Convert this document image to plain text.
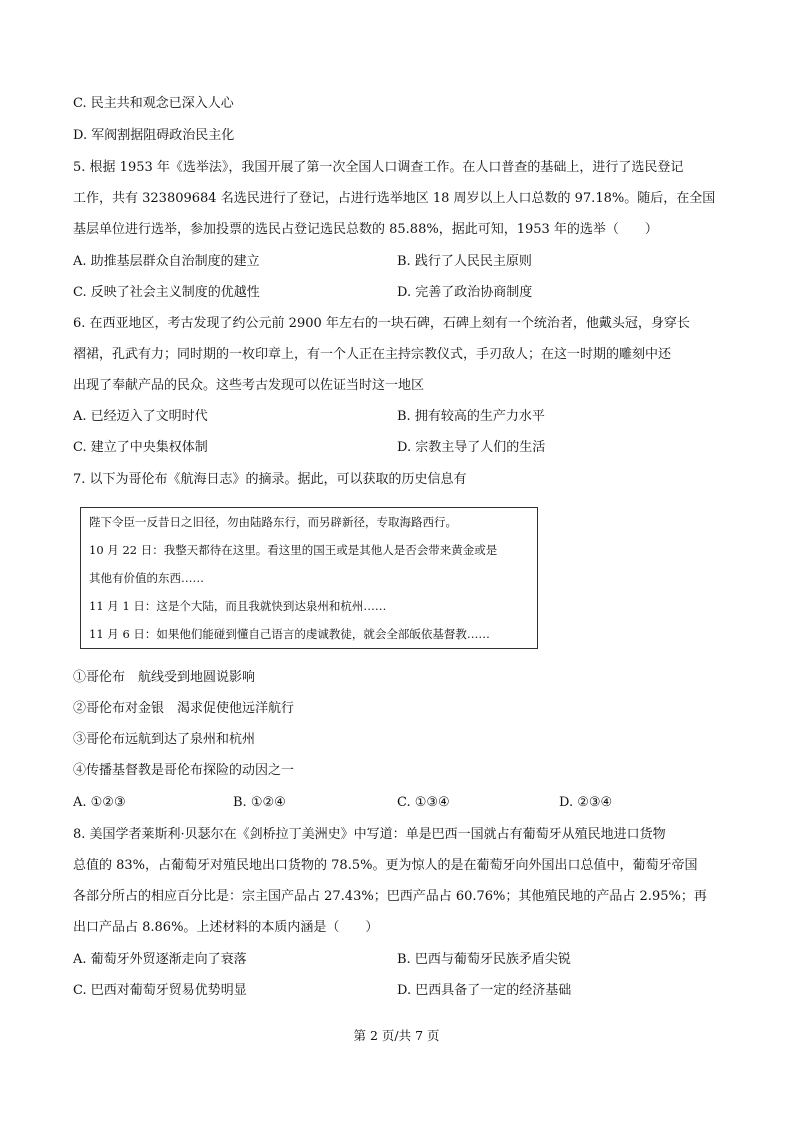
C. 民主共和观念已深入人心
D. 军阀割据阻碍政治民主化
5. 根据 1953 年《选举法》，我国开展了第一次全国人口调查工作。在人口普查的基础上，进行了选民登记
工作，共有 323809684 名选民进行了登记，占进行选举地区 18 周岁以上人口总数的 97.18%。随后，在全国
基层单位进行选举，参加投票的选民占登记选民总数的 85.88%，据此可知，1953 年的选举（　　）
A. 助推基层群众自治制度的建立	B. 践行了人民民主原则
C. 反映了社会主义制度的优越性	D. 完善了政治协商制度
6. 在西亚地区，考古发现了约公元前 2900 年左右的一块石碑，石碑上刻有一个统治者，他戴头冠，身穿长
褶裙，孔武有力；同时期的一枚印章上，有一个人正在主持宗教仪式，手刃敌人；在这一时期的雕刻中还
出现了奉献产品的民众。这些考古发现可以佐证当时这一地区
A. 已经迈入了文明时代	B. 拥有较高的生产力水平
C. 建立了中央集权体制	D. 宗教主导了人们的生活
7. 以下为哥伦布《航海日志》的摘录。据此，可以获取的历史信息有
陛下令臣一反昔日之旧径，勿由陆路东行，而另辟新径，专取海路西行。
10 月 22 日：我整天都待在这里。看这里的国王或是其他人是否会带来黄金或是
其他有价值的东西……
11 月 1 日：这是个大陆，而且我就快到达泉州和杭州……
11 月 6 日：如果他们能碰到懂自己语言的虔诚教徒，就会全部皈依基督教……
①哥伦布　航线受到地圆说影响
②哥伦布对金银　渴求促使他远洋航行
③哥伦布远航到达了泉州和杭州
④传播基督教是哥伦布探险的动因之一
A. ①②③	B. ①②④	C. ①③④	D. ②③④
8. 美国学者莱斯利·贝瑟尔在《剑桥拉丁美洲史》中写道：单是巴西一国就占有葡萄牙从殖民地进口货物
总值的 83%，占葡萄牙对殖民地出口货物的 78.5%。更为惊人的是在葡萄牙向外国出口总值中，葡萄牙帝国
各部分所占的相应百分比是：宗主国产品占 27.43%；巴西产品占 60.76%；其他殖民地的产品占 2.95%；再
出口产品占 8.86%。上述材料的本质内涵是（　　）
A. 葡萄牙外贸逐渐走向了衰落	B. 巴西与葡萄牙民族矛盾尖锐
C. 巴西对葡萄牙贸易优势明显	D. 巴西具备了一定的经济基础
第 2 页/共 7 页
